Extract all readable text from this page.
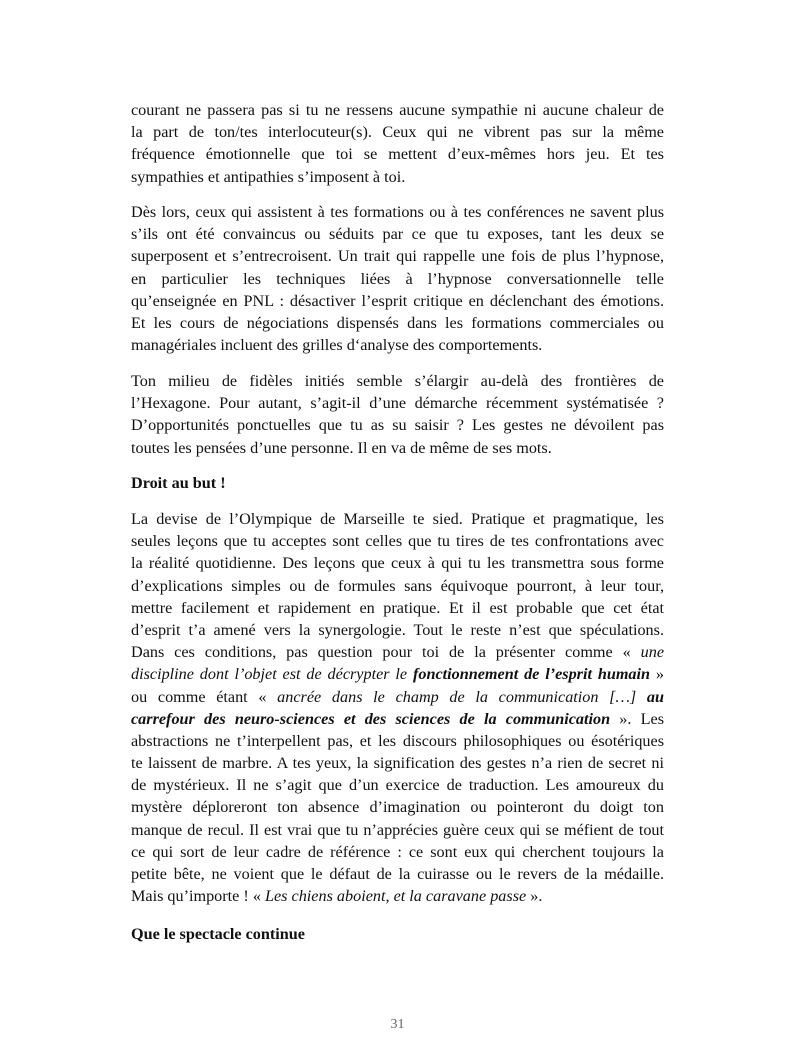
courant ne passera pas si tu ne ressens aucune sympathie ni aucune chaleur de
la part de ton/tes interlocuteur(s). Ceux qui ne vibrent pas sur la même
fréquence émotionnelle que toi se mettent d’eux-mêmes hors jeu. Et tes
sympathies et antipathies s’imposent à toi.
Dès lors, ceux qui assistent à tes formations ou à tes conférences ne savent plus
s’ils ont été convaincus ou séduits par ce que tu exposes, tant les deux se
superposent et s’entrecroisent. Un trait qui rappelle une fois de plus l’hypnose,
en particulier les techniques liées à l’hypnose conversationnelle telle
qu’enseignée en PNL : désactiver l’esprit critique en déclenchant des émotions.
Et les cours de négociations dispensés dans les formations commerciales ou
managériales incluent des grilles d‘analyse des comportements.
Ton milieu de fidèles initiés semble s’élargir au-delà des frontières de
l’Hexagone. Pour autant, s’agit-il d’une démarche récemment systématisée ?
D’opportunités ponctuelles que tu as su saisir ? Les gestes ne dévoilent pas
toutes les pensées d’une personne. Il en va de même de ses mots.
Droit au but !
La devise de l’Olympique de Marseille te sied. Pratique et pragmatique, les
seules leçons que tu acceptes sont celles que tu tires de tes confrontations avec
la réalité quotidienne. Des leçons que ceux à qui tu les transmettra sous forme
d’explications simples ou de formules sans équivoque pourront, à leur tour,
mettre facilement et rapidement en pratique. Et il est probable que cet état
d’esprit t’a amené vers la synergologie. Tout le reste n’est que spéculations.
Dans ces conditions, pas question pour toi de la présenter comme « une
discipline dont l’objet est de décrypter le fonctionnement de l’esprit humain »
ou comme étant « ancrée dans le champ de la communication […] au
carrefour des neuro-sciences et des sciences de la communication ». Les
abstractions ne t’interpellent pas, et les discours philosophiques ou ésotériques
te laissent de marbre. A tes yeux, la signification des gestes n’a rien de secret ni
de mystérieux. Il ne s’agit que d’un exercice de traduction. Les amoureux du
mystère déploreront ton absence d’imagination ou pointeront du doigt ton
manque de recul. Il est vrai que tu n’apprécies guère ceux qui se méfient de tout
ce qui sort de leur cadre de référence : ce sont eux qui cherchent toujours la
petite bête, ne voient que le défaut de la cuirasse ou le revers de la médaille.
Mais qu’importe ! « Les chiens aboient, et la caravane passe ».
Que le spectacle continue
31
